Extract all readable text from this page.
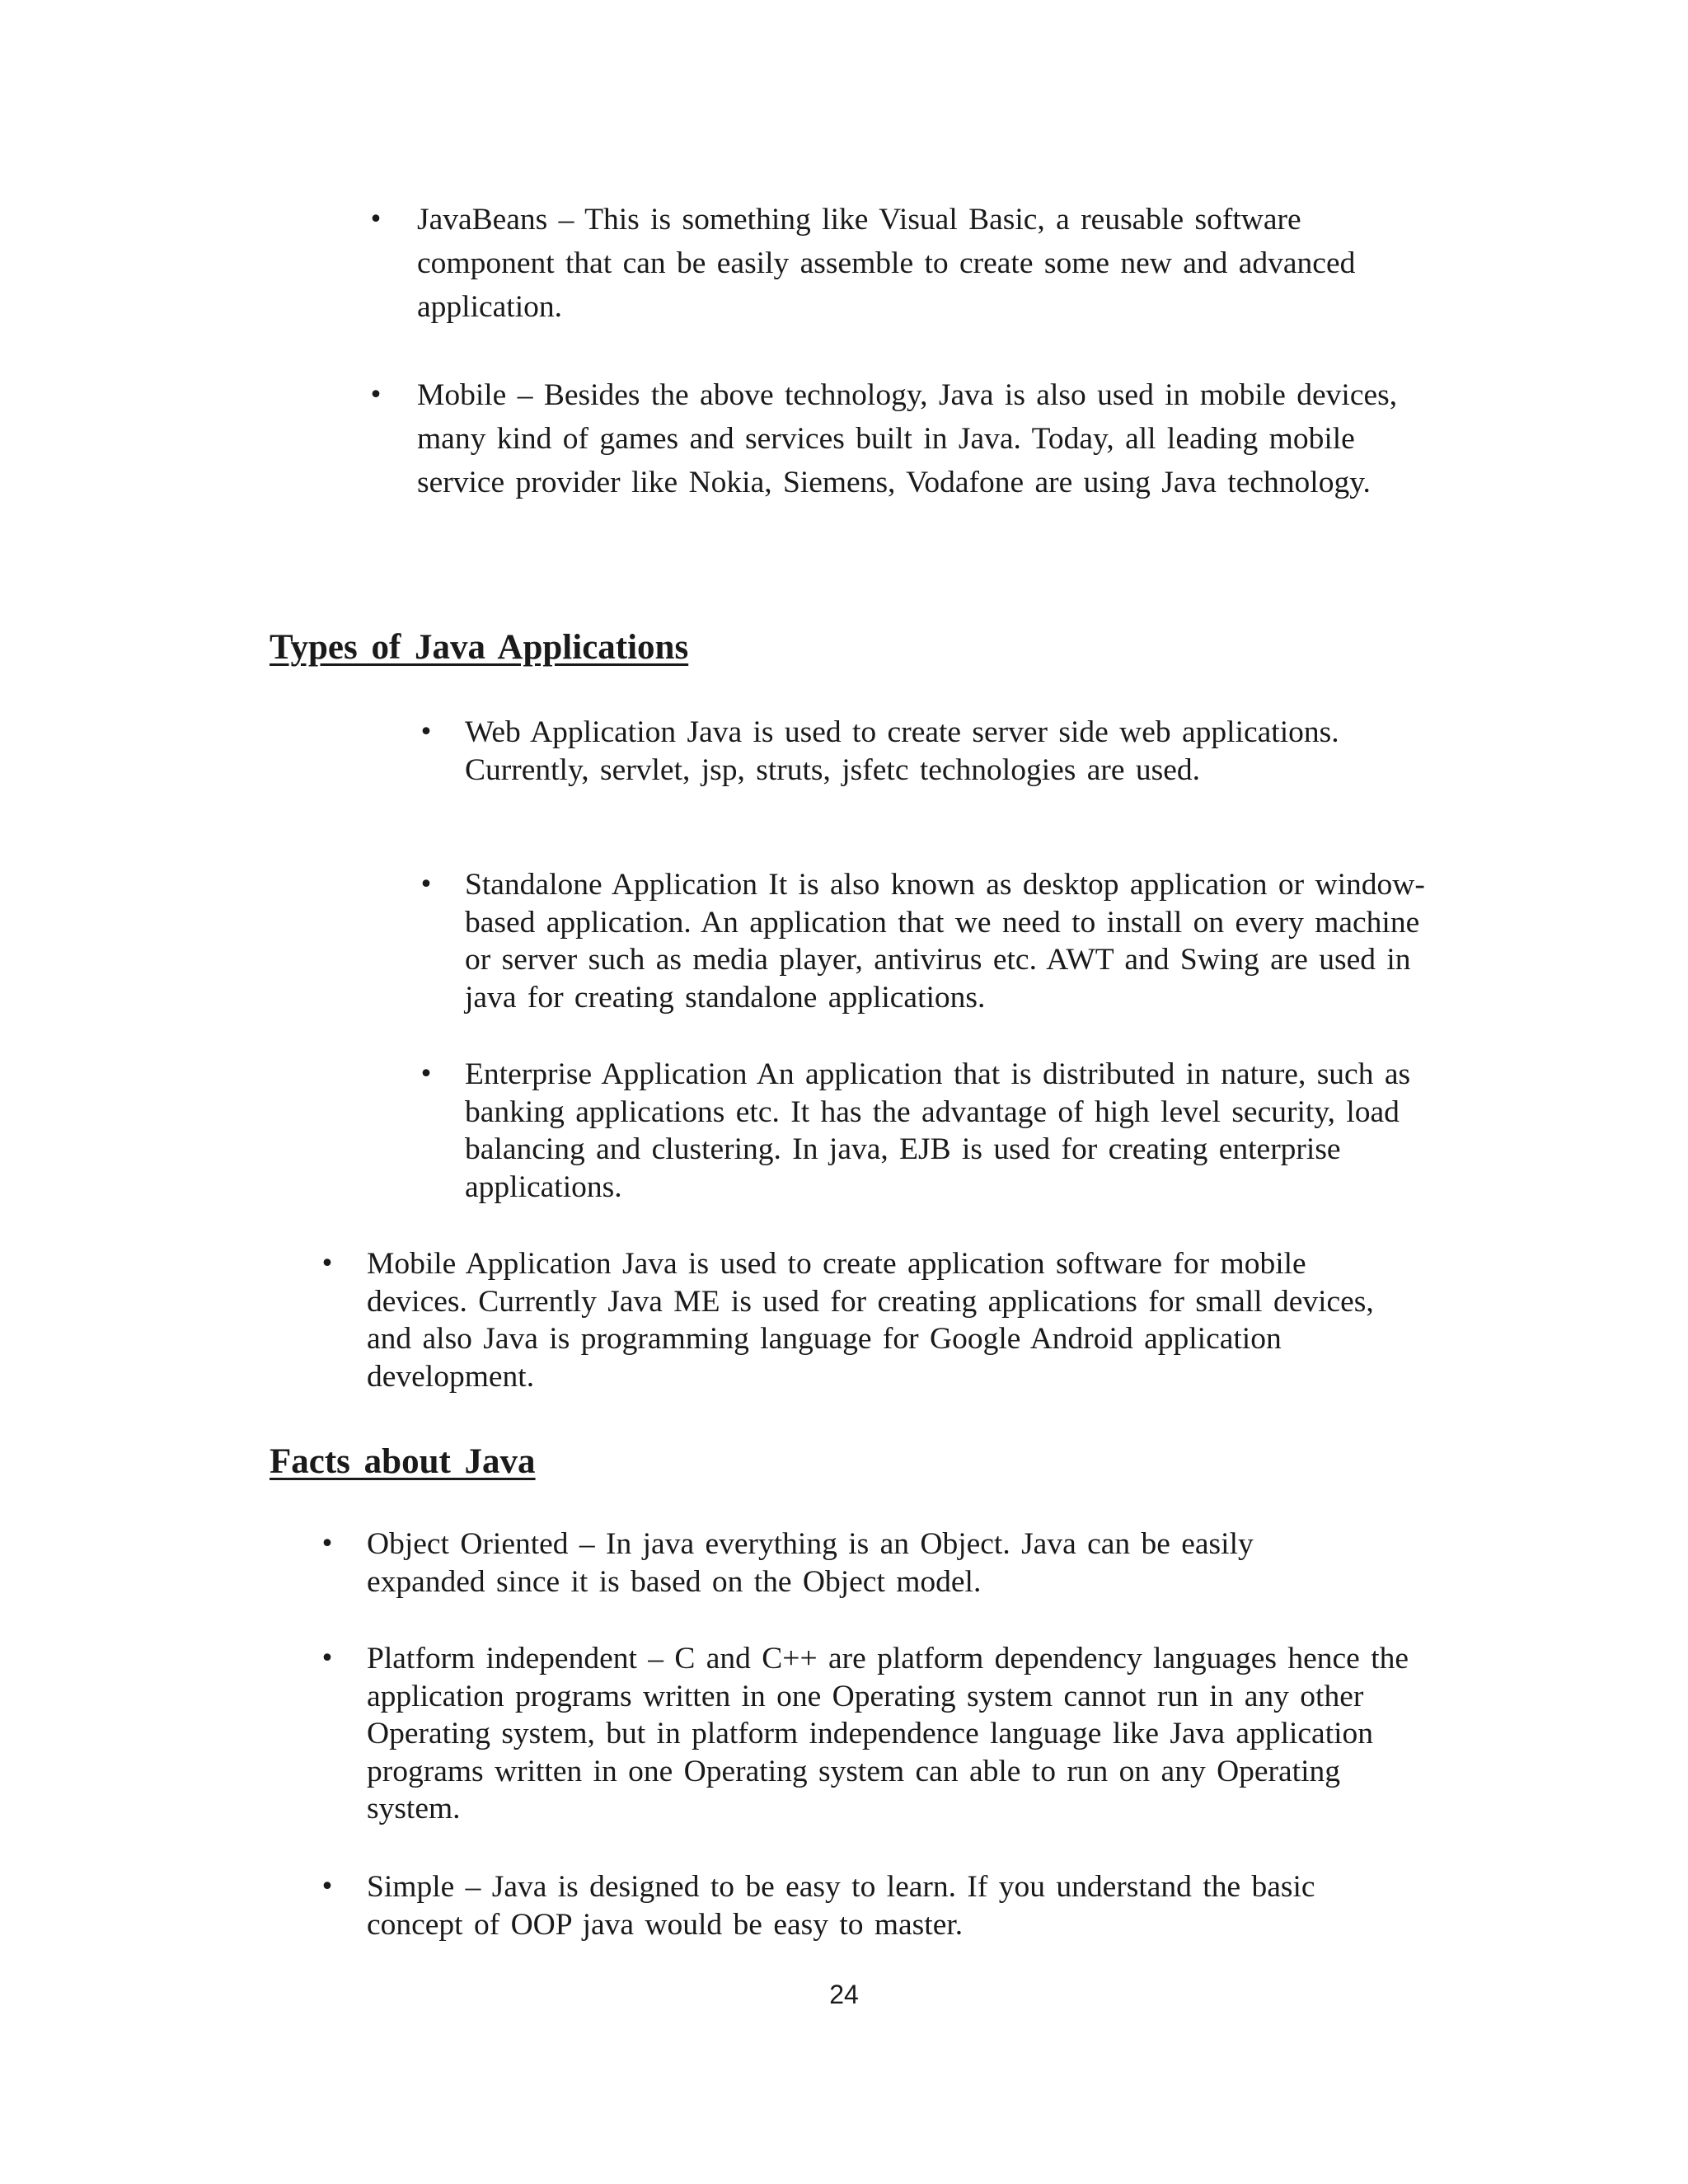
• JavaBeans – This is something like Visual Basic, a reusable software component that can be easily assemble to create some new and advanced application.
• Mobile – Besides the above technology, Java is also used in mobile devices, many kind of games and services built in Java. Today, all leading mobile service provider like Nokia, Siemens, Vodafone are using Java technology.
Types of Java Applications
• Web Application Java is used to create server side web applications. Currently, servlet, jsp, struts, jsfetc technologies are used.
• Standalone Application It is also known as desktop application or window-based application. An application that we need to install on every machine or server such as media player, antivirus etc. AWT and Swing are used in java for creating standalone applications.
• Enterprise Application An application that is distributed in nature, such as banking applications etc. It has the advantage of high level security, load balancing and clustering. In java, EJB is used for creating enterprise applications.
• Mobile Application Java is used to create application software for mobile devices. Currently Java ME is used for creating applications for small devices, and also Java is programming language for Google Android application development.
Facts about Java
• Object Oriented – In java everything is an Object. Java can be easily expanded since it is based on the Object model.
• Platform independent – C and C++ are platform dependency languages hence the application programs written in one Operating system cannot run in any other Operating system, but in platform independence language like Java application programs written in one Operating system can able to run on any Operating system.
• Simple – Java is designed to be easy to learn. If you understand the basic concept of OOP java would be easy to master.
24
